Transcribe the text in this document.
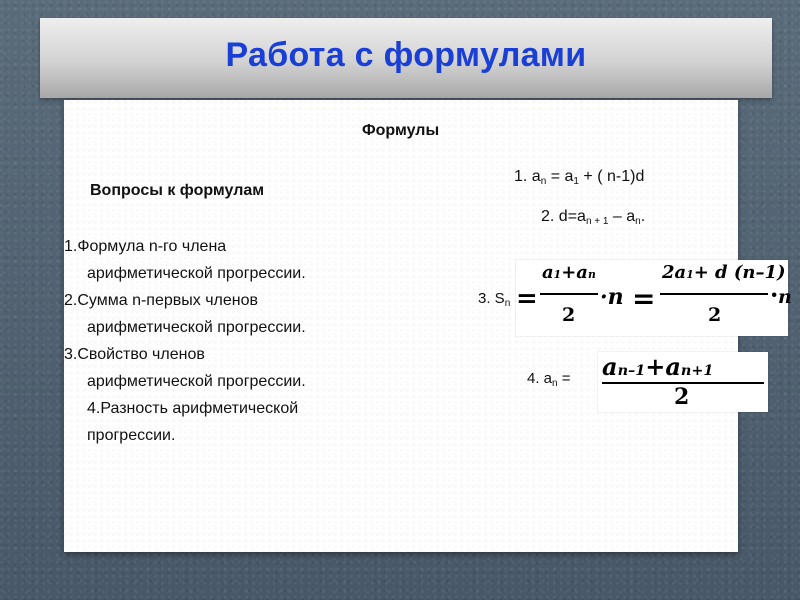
Работа с формулами
Формулы
Вопросы к формулам
1.Формула n-го члена
арифметической прогрессии.
2.Сумма n-первых членов
арифметической прогрессии.
3.Свойство членов
арифметической прогрессии.
4.Разность арифметической
прогрессии.
1. $a_n = a_1$ + ( n-1)d
2. $d=a_{n + 1} - a_n$.
3. $S_n$ =
a1+an
2
·n =
2a1+ d (n–1)
2
· n
4. $a_n = an-1+an+1$
2
